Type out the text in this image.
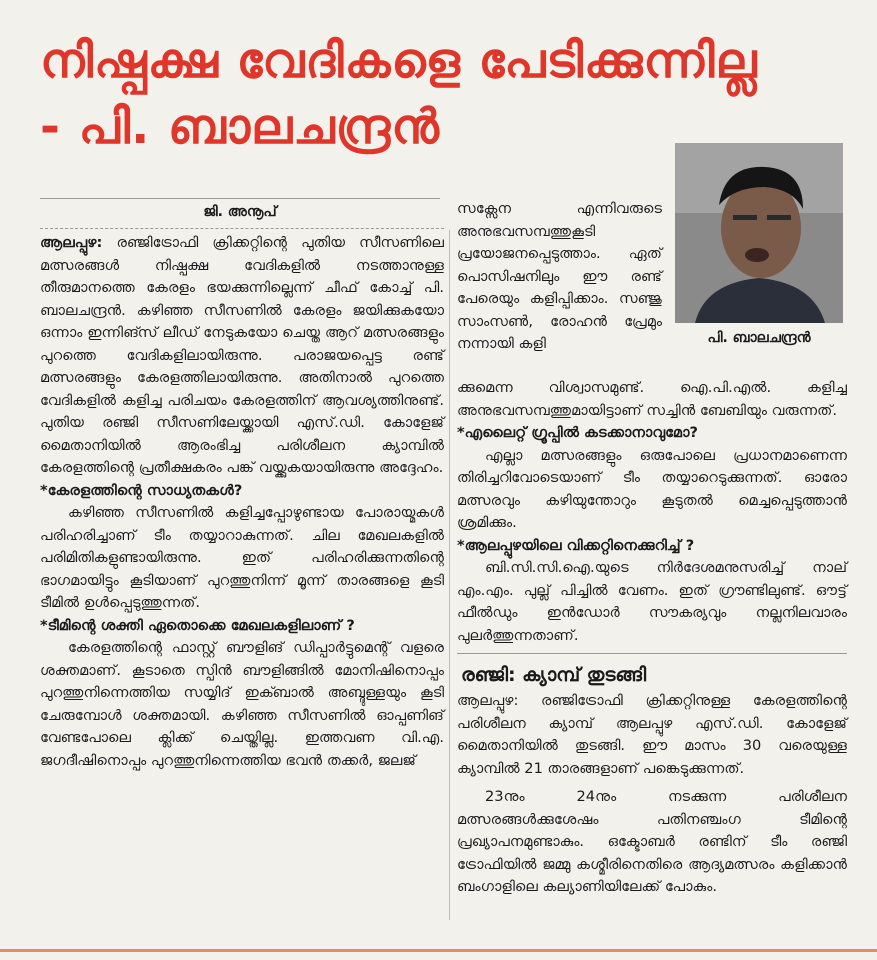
നിഷ്പക്ഷ വേദികളെ പേടിക്കുന്നില്ല
- പി. ബാലചന്ദ്രൻ
ജി. അനൂപ്
പി. ബാലചന്ദ്രൻ

ആലപ്പുഴ: രഞ്ജിട്രോഫി ക്രിക്കറ്റിന്റെ പുതിയ സീസണിലെ മത്സരങ്ങൾ നിഷ്പക്ഷ വേദികളിൽ നടത്താനുള്ള തീരുമാനത്തെ കേരളം ഭയക്കുന്നില്ലെന്ന് ചീഫ് കോച്ച് പി. ബാലചന്ദ്രൻ. കഴിഞ്ഞ സീസണിൽ കേരളം ജയിക്കുകയോ ഒന്നാം ഇന്നിങ്സ് ലീഡ് നേടുകയോ ചെയ്ത ആറ് മത്സരങ്ങളും പുറത്തെ വേദികളിലായിരുന്നു. പരാജയപ്പെട്ട രണ്ട് മത്സരങ്ങളും കേരളത്തിലായിരുന്നു. അതിനാൽ പുറത്തെ വേദികളിൽ കളിച്ച പരിചയം കേരളത്തിന് ആവശ്യത്തിനുണ്ട്. പുതിയ രഞ്ജി സീസണിലേയ്ക്കായി എസ്.ഡി. കോളേജ് മൈതാനിയിൽ ആരംഭിച്ച പരിശീലന ക്യാമ്പിൽ കേരളത്തിന്റെ പ്രതീക്ഷകരം പങ്ക് വയ്ക്കുകയായിരുന്നു അദ്ദേഹം.

*കേരളത്തിന്റെ സാധ്യതകൾ?

കഴിഞ്ഞ സീസണിൽ കളിച്ചപ്പോഴുണ്ടായ പോരായ്മകൾ പരിഹരിച്ചാണ് ടീം തയ്യാറാകുന്നത്. ചില മേഖലകളിൽ പരിമിതികളുണ്ടായിരുന്നു. ഇത് പരിഹരിക്കുന്നതിന്റെ ഭാഗമായിട്ടും കൂടിയാണ് പുറത്തുനിന്ന് മൂന്ന് താരങ്ങളെ കൂടി ടീമിൽ ഉൾപ്പെടുത്തുന്നത്.

*ടീമിന്റെ ശക്തി ഏതൊക്കെ മേഖലകളിലാണ് ?

കേരളത്തിന്റെ ഫാസ്റ്റ് ബൗളിങ് ഡിപ്പാർട്ടുമെന്റ് വളരെ ശക്തമാണ്. കൂടാതെ സ്പിൻ ബൗളിങ്ങിൽ മോനിഷിനൊപ്പം പുറത്തുനിന്നെത്തിയ സയ്യിദ് ഇക്ബാൽ അബ്ദുള്ളയും കൂടി ചേരുമ്പോൾ ശക്തമായി. കഴിഞ്ഞ സീസണിൽ ഓപ്പണിങ് വേണ്ടപോലെ ക്ലിക്ക് ചെയ്തില്ല. ഇത്തവണ വി.എ. ജഗദീഷിനൊപ്പം പുറത്തുനിന്നെത്തിയ ഭവൻ തക്കർ, ജലജ്

സക്സേന എന്നിവരുടെ അനുഭവസമ്പത്തുകൂടി പ്രയോജനപ്പെടുത്താം. ഏത് പൊസിഷനിലും ഈ രണ്ട് പേരെയും കളിപ്പിക്കാം. സഞ്ജു സാംസൺ, രോഹൻ പ്രേമും നന്നായി കളി

ക്കുമെന്ന വിശ്വാസമുണ്ട്. ഐ.പി.എൽ. കളിച്ച അനുഭവസമ്പത്തുമായിട്ടാണ് സച്ചിൻ ബേബിയും വരുന്നത്.

*എലൈറ്റ് ഗ്രൂപ്പിൽ കടക്കാനാവുമോ?

എല്ലാ മത്സരങ്ങളും ഒരുപോലെ പ്രധാനമാണെന്ന തിരിച്ചറിവോടെയാണ് ടീം തയ്യാറെടുക്കുന്നത്. ഓരോ മത്സരവും കഴിയുന്തോറും കൂടുതൽ മെച്ചപ്പെടുത്താൻ ശ്രമിക്കും.

*ആലപ്പുഴയിലെ വിക്കറ്റിനെക്കുറിച്ച് ?

ബി.സി.സി.ഐ.യുടെ നിർദേശമനുസരിച്ച് നാല് എം.എം. പുല്ല് പിച്ചിൽ വേണം. ഇത് ഗ്രൗണ്ടിലുണ്ട്. ഔട്ട് ഫീൽഡും ഇൻഡോർ സൗകര്യവും നല്ലനിലവാരം പുലർത്തുന്നതാണ്.

രഞ്ജി: ക്യാമ്പ് തുടങ്ങി

ആലപ്പുഴ: രഞ്ജിട്രോഫി ക്രിക്കറ്റിനുള്ള കേരളത്തിന്റെ പരിശീലന ക്യാമ്പ് ആലപ്പുഴ എസ്.ഡി. കോളേജ് മൈതാനിയിൽ തുടങ്ങി. ഈ മാസം 30 വരെയുള്ള ക്യാമ്പിൽ 21 താരങ്ങളാണ് പങ്കെടുക്കുന്നത്.

23നും 24നും നടക്കുന്ന പരിശീലന മത്സരങ്ങൾക്കുശേഷം പതിനഞ്ചംഗ ടീമിന്റെ പ്രഖ്യാപനമുണ്ടാകും. ഒക്ടോബർ രണ്ടിന് ടീം രഞ്ജി ട്രോഫിയിൽ ജമ്മു കശ്മീരിനെതിരെ ആദ്യമത്സരം കളിക്കാൻ ബംഗാളിലെ കല്യാണിയിലേക്ക് പോകും.
